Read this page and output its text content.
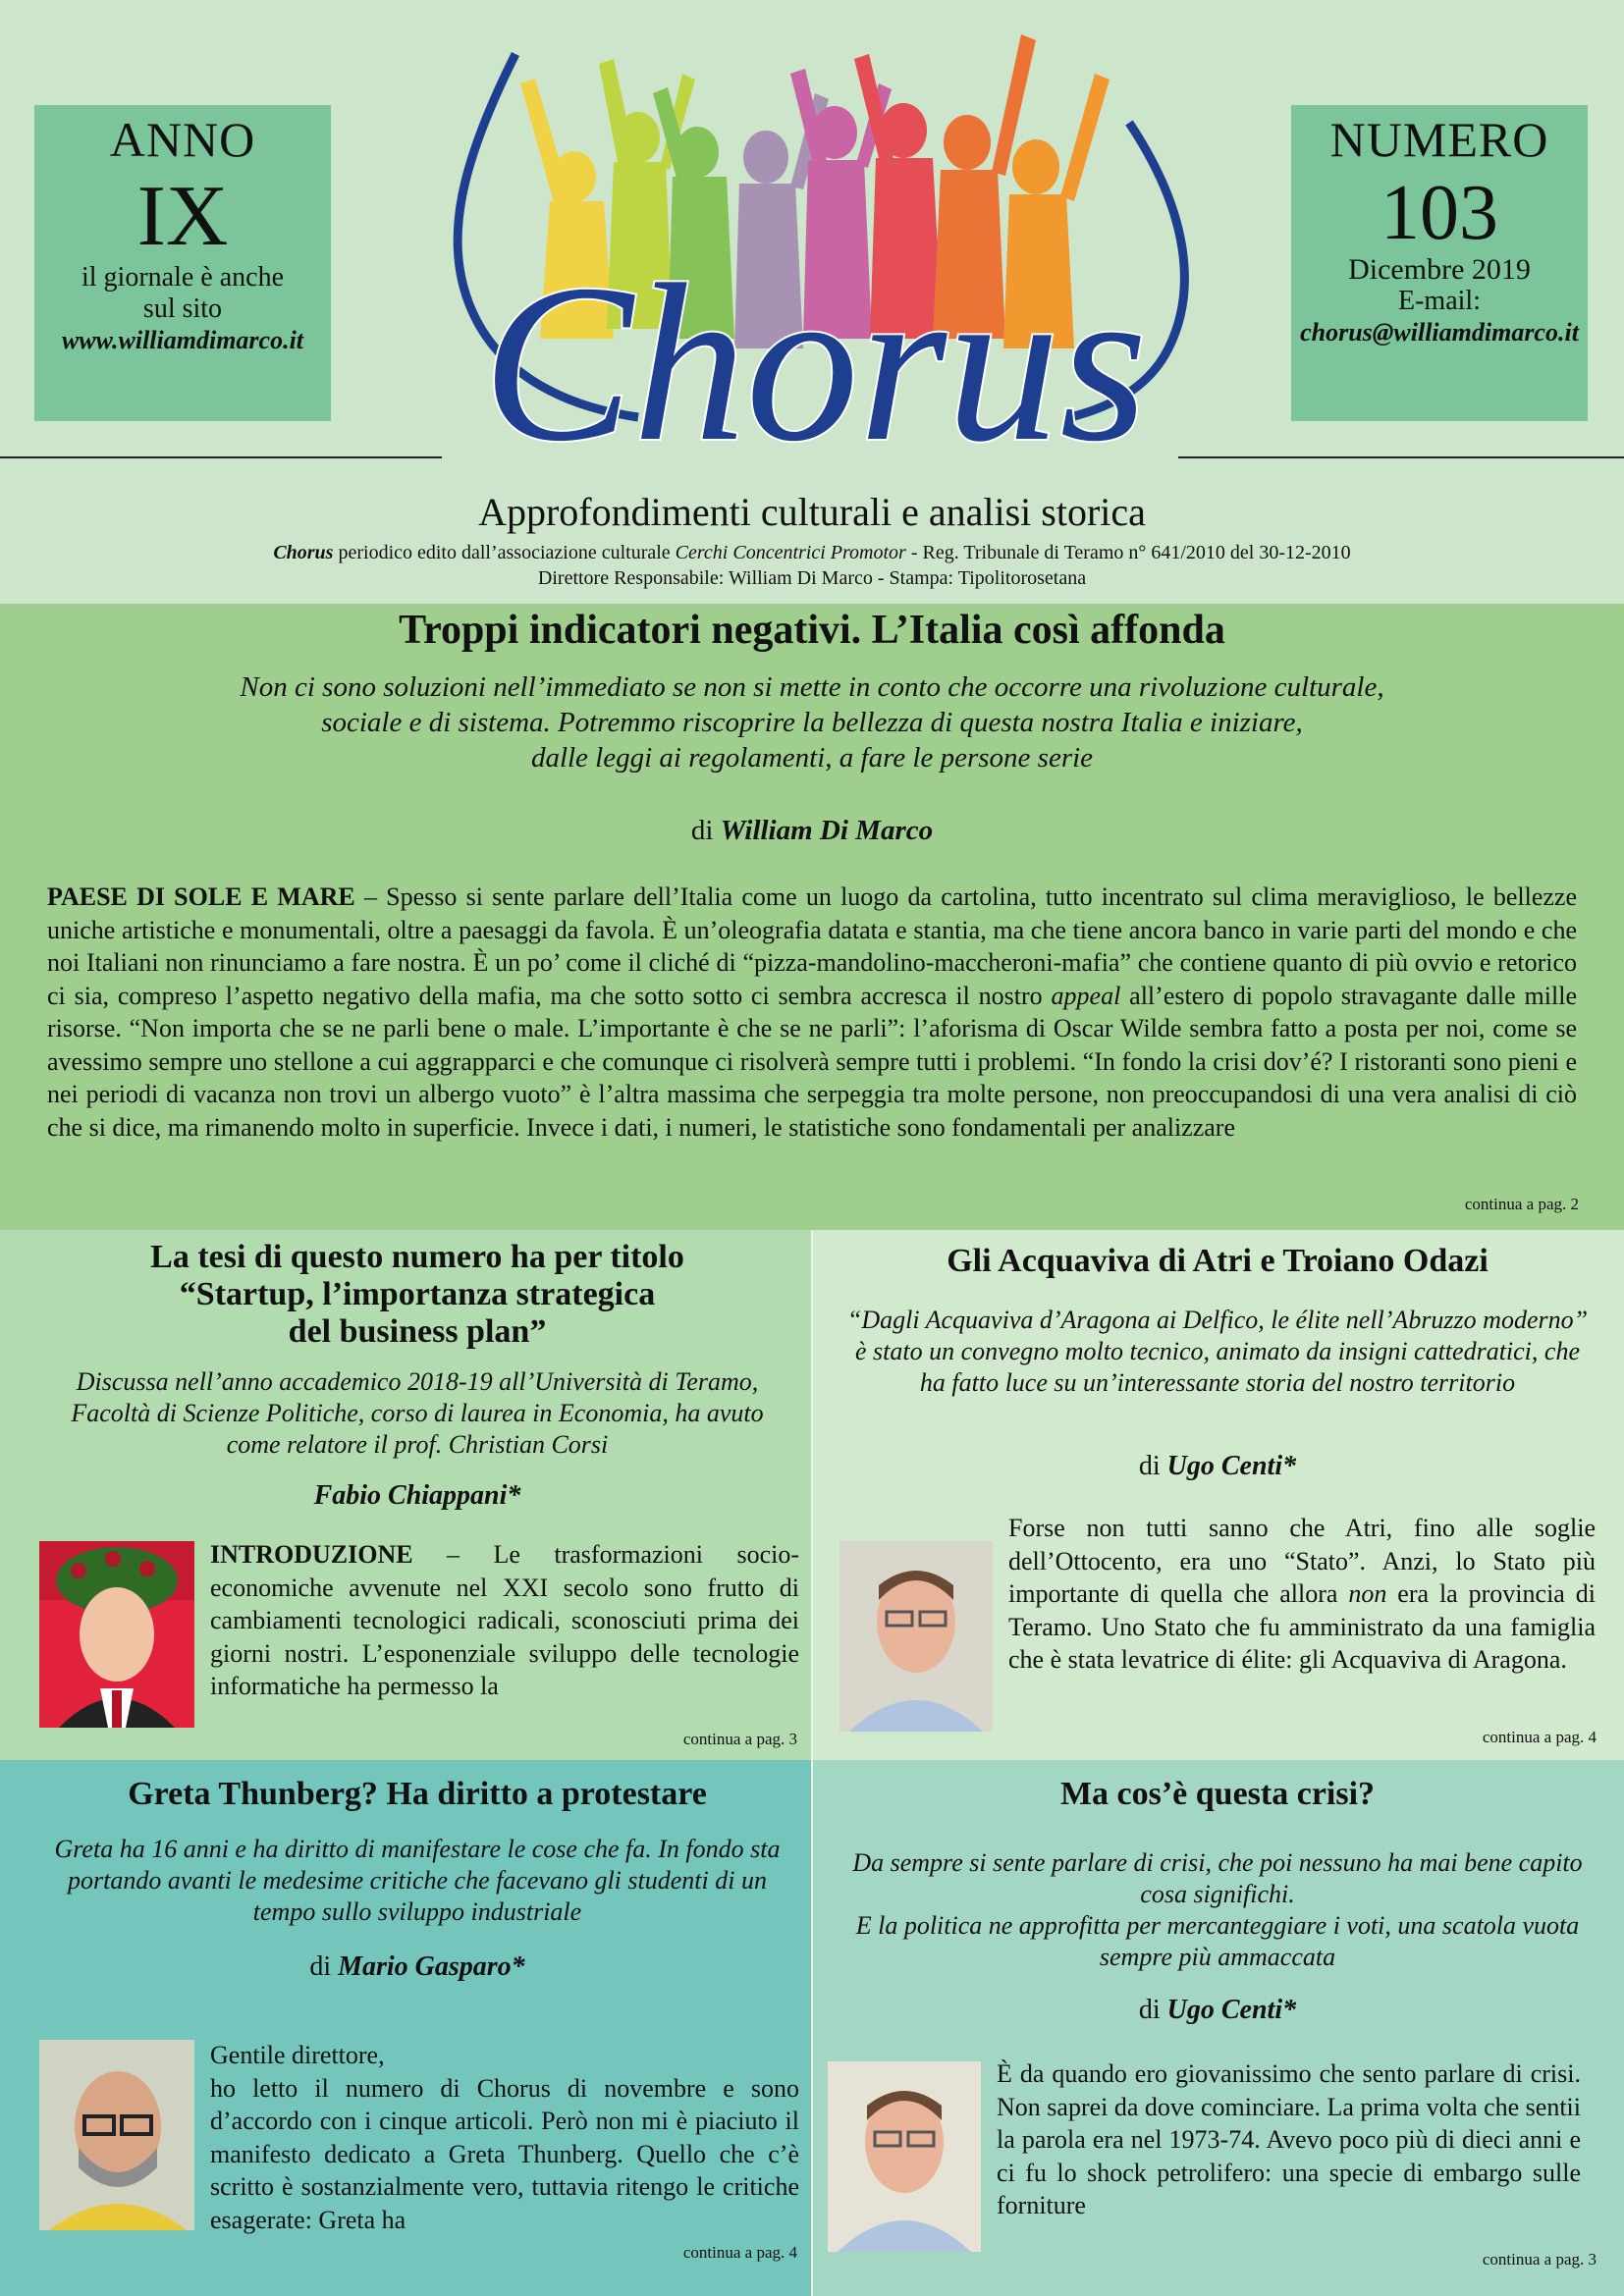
ANNO
IX
il giornale è anche
sul sito
www.williamdimarco.it
NUMERO
103
Dicembre 2019
E-mail:
chorus@williamdimarco.it
Chorus
Approfondimenti culturali e analisi storica
Chorus periodico edito dall’associazione culturale Cerchi Concentrici Promotor - Reg. Tribunale di Teramo n° 641/2010 del 30-12-2010
Direttore Responsabile: William Di Marco - Stampa: Tipolitorosetana
Troppi indicatori negativi. L’Italia così affonda
Non ci sono soluzioni nell’immediato se non si mette in conto che occorre una rivoluzione culturale,
sociale e di sistema. Potremmo riscoprire la bellezza di questa nostra Italia e iniziare,
dalle leggi ai regolamenti, a fare le persone serie
di William Di Marco
PAESE DI SOLE E MARE – Spesso si sente parlare dell’Italia come un luogo da cartolina, tutto incentrato sul clima meraviglioso, le bellezze uniche artistiche e monumentali, oltre a paesaggi da favola. È un’oleografia datata e stantia, ma che tiene ancora banco in varie parti del mondo e che noi Italiani non rinunciamo a fare nostra. È un po’ come il cliché di “pizza-mandolino-maccheroni-mafia” che contiene quanto di più ovvio e retorico ci sia, compreso l’aspetto negativo della mafia, ma che sotto sotto ci sembra accresca il nostro appeal all’estero di popolo stravagante dalle mille risorse. “Non importa che se ne parli bene o male. L’importante è che se ne parli”: l’aforisma di Oscar Wilde sembra fatto a posta per noi, come se avessimo sempre uno stellone a cui aggrapparci e che comunque ci risolverà sempre tutti i problemi. “In fondo la crisi dov’é? I ristoranti sono pieni e nei periodi di vacanza non trovi un albergo vuoto” è l’altra massima che serpeggia tra molte persone, non preoccupandosi di una vera analisi di ciò che si dice, ma rimanendo molto in superficie. Invece i dati, i numeri, le statistiche sono fondamentali per analizzare
continua a pag. 2
La tesi di questo numero ha per titolo
“Startup, l’importanza strategica
del business plan”
Discussa nell’anno accademico 2018-19 all’Università di Teramo, Facoltà di Scienze Politiche, corso di laurea in Economia, ha avuto come relatore il prof. Christian Corsi
Fabio Chiappani*
INTRODUZIONE – Le trasformazioni socio-economiche avvenute nel XXI secolo sono frutto di cambiamenti tecnologici radicali, sconosciuti prima dei giorni nostri. L’esponenziale sviluppo delle tecnologie informatiche ha permesso la
continua a pag. 3
Gli Acquaviva di Atri e Troiano Odazi
“Dagli Acquaviva d’Aragona ai Delfico, le élite nell’Abruzzo moderno” è stato un convegno molto tecnico, animato da insigni cattedratici, che ha fatto luce su un’interessante storia del nostro territorio
di Ugo Centi*
Forse non tutti sanno che Atri, fino alle soglie dell’Ottocento, era uno “Stato”. Anzi, lo Stato più importante di quella che allora non era la provincia di Teramo. Uno Stato che fu amministrato da una famiglia che è stata levatrice di élite: gli Acquaviva di Aragona.
continua a pag. 4
Greta Thunberg? Ha diritto a protestare
Greta ha 16 anni e ha diritto di manifestare le cose che fa. In fondo sta portando avanti le medesime critiche che facevano gli studenti di un tempo sullo sviluppo industriale
di Mario Gasparo*
Gentile direttore,
ho letto il numero di Chorus di novembre e sono d’accordo con i cinque articoli. Però non mi è piaciuto il manifesto dedicato a Greta Thunberg. Quello che c’è scritto è sostanzialmente vero, tuttavia ritengo le critiche esagerate: Greta ha
continua a pag. 4
Ma cos’è questa crisi?
Da sempre si sente parlare di crisi, che poi nessuno ha mai bene capito cosa significhi.
E la politica ne approfitta per mercanteggiare i voti, una scatola vuota sempre più ammaccata
di Ugo Centi*
È da quando ero giovanissimo che sento parlare di crisi. Non saprei da dove cominciare. La prima volta che sentii la parola era nel 1973-74. Avevo poco più di dieci anni e ci fu lo shock petrolifero: una specie di embargo sulle forniture
continua a pag. 3
